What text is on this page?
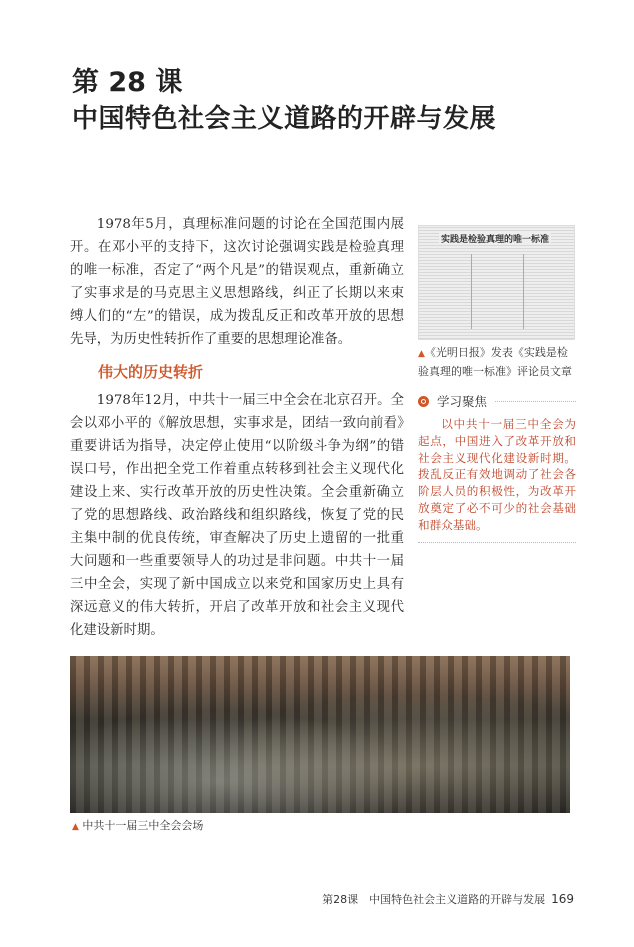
第 28 课
中国特色社会主义道路的开辟与发展

1978年5月，真理标准问题的讨论在全国范围内展开。在邓小平的支持下，这次讨论强调实践是检验真理的唯一标准，否定了“两个凡是”的错误观点，重新确立了实事求是的马克思主义思想路线，纠正了长期以来束缚人们的“左”的错误，成为拨乱反正和改革开放的思想先导，为历史性转折作了重要的思想理论准备。

伟大的历史转折

1978年12月，中共十一届三中全会在北京召开。全会以邓小平的《解放思想，实事求是，团结一致向前看》重要讲话为指导，决定停止使用“以阶级斗争为纲”的错误口号，作出把全党工作着重点转移到社会主义现代化建设上来、实行改革开放的历史性决策。全会重新确立了党的思想路线、政治路线和组织路线，恢复了党的民主集中制的优良传统，审查解决了历史上遗留的一批重大问题和一些重要领导人的功过是非问题。中共十一届三中全会，实现了新中国成立以来党和国家历史上具有深远意义的伟大转折，开启了改革开放和社会主义现代化建设新时期。

实践是检验真理的唯一标准
▲《光明日报》发表《实践是检验真理的唯一标准》评论员文章
学习聚焦

以中共十一届三中全会为起点，中国进入了改革开放和社会主义现代化建设新时期。拨乱反正有效地调动了社会各阶层人员的积极性，为改革开放奠定了必不可少的社会基础和群众基础。

▲ 中共十一届三中全会会场
第28课　中国特色社会主义道路的开辟与发展 169
